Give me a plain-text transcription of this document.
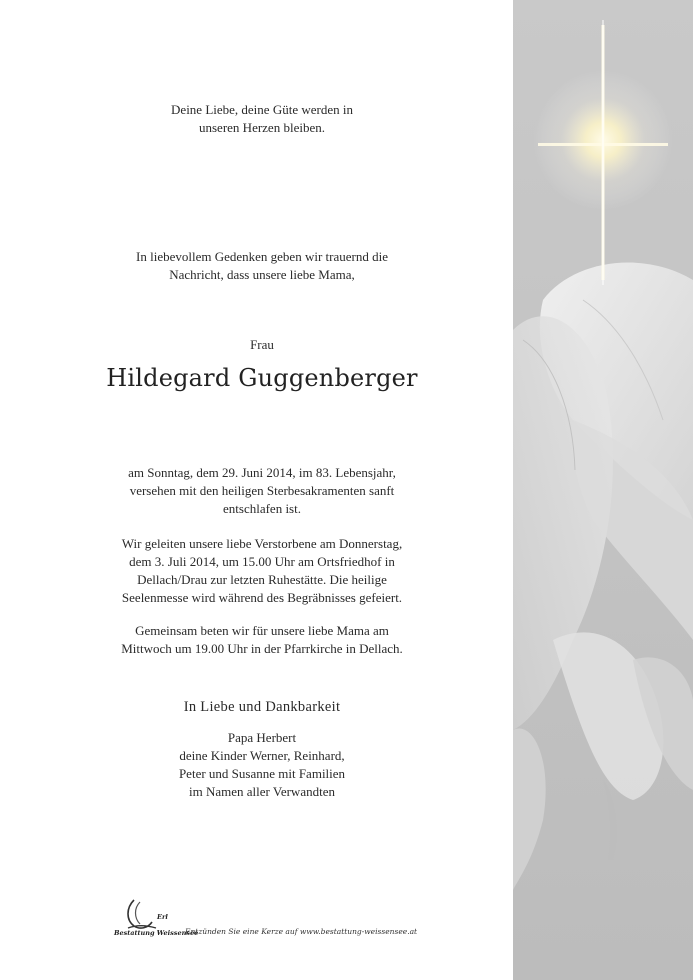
Deine Liebe, deine Güte werden in
unseren Herzen bleiben.
In liebevollem Gedenken geben wir trauernd die
Nachricht, dass unsere liebe Mama,
Frau
Hildegard Guggenberger
am Sonntag, dem 29. Juni 2014, im 83. Lebensjahr,
versehen mit den heiligen Sterbesakramenten sanft
entschlafen ist.
Wir geleiten unsere liebe Verstorbene am Donnerstag,
dem 3. Juli 2014, um 15.00 Uhr am Ortsfriedhof in
Dellach/Drau zur letzten Ruhestätte. Die heilige
Seelenmesse wird während des Begräbnisses gefeiert.
Gemeinsam beten wir für unsere liebe Mama am
Mittwoch um 19.00 Uhr in der Pfarrkirche in Dellach.
In Liebe und Dankbarkeit
Papa Herbert
deine Kinder Werner, Reinhard,
Peter und Susanne mit Familien
im Namen aller Verwandten
Erl
Bestattung Weissensee
Entzünden Sie eine Kerze auf www.bestattung-weissensee.at
